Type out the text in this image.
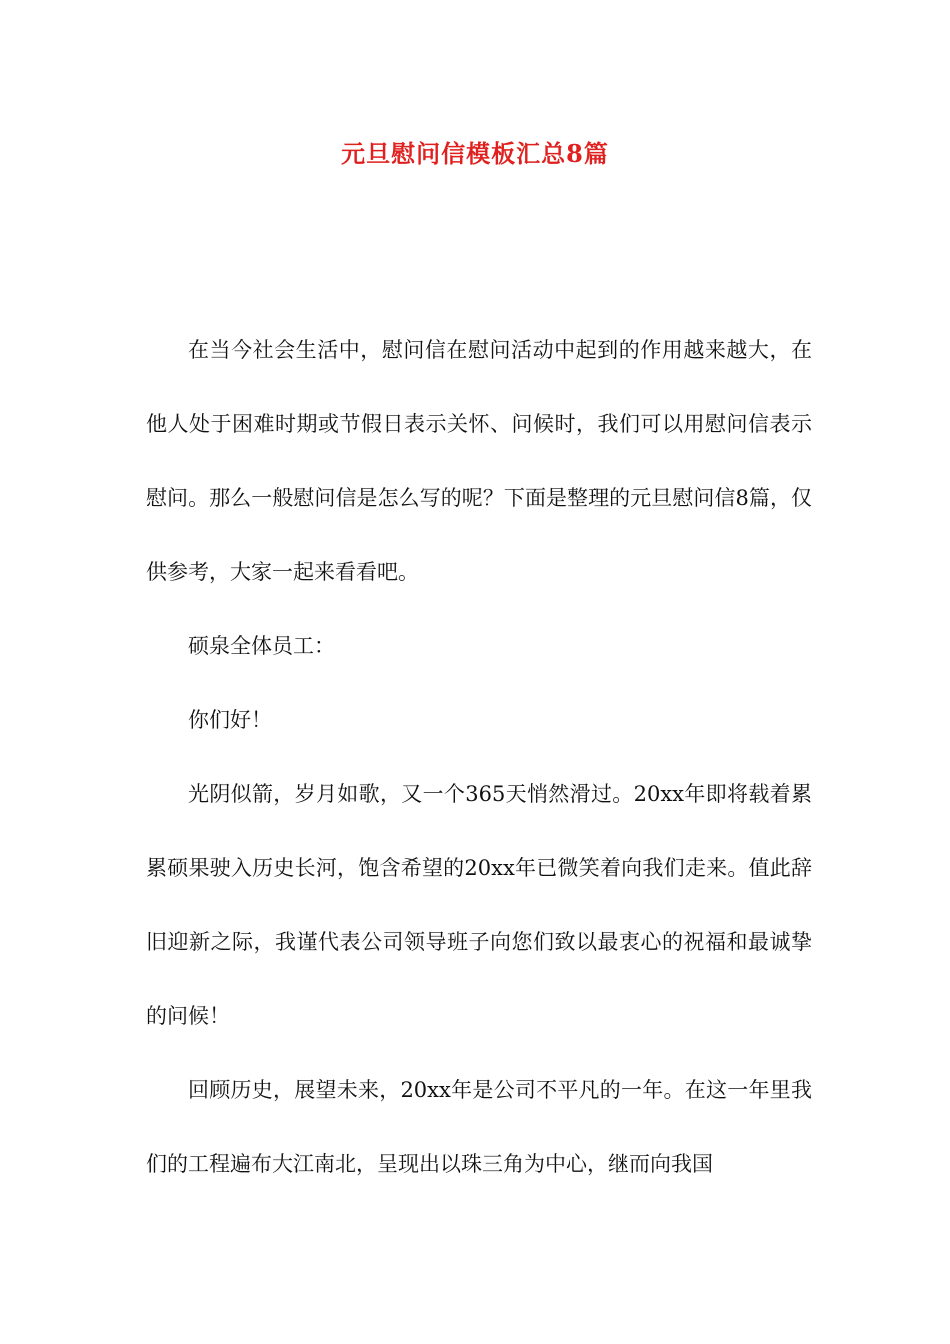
元旦慰问信模板汇总8篇

在当今社会生活中，慰问信在慰问活动中起到的作用越来越大，在他人处于困难时期或节假日表示关怀、问候时，我们可以用慰问信表示慰问。那么一般慰问信是怎么写的呢？下面是整理的元旦慰问信8篇，仅供参考，大家一起来看看吧。

硕泉全体员工：

你们好！

光阴似箭，岁月如歌，又一个365天悄然滑过。20xx年即将载着累累硕果驶入历史长河，饱含希望的20xx年已微笑着向我们走来。值此辞旧迎新之际，我谨代表公司领导班子向您们致以最衷心的祝福和最诚挚的问候！

回顾历史，展望未来，20xx年是公司不平凡的一年。在这一年里我们的工程遍布大江南北，呈现出以珠三角为中心，继而向我国
